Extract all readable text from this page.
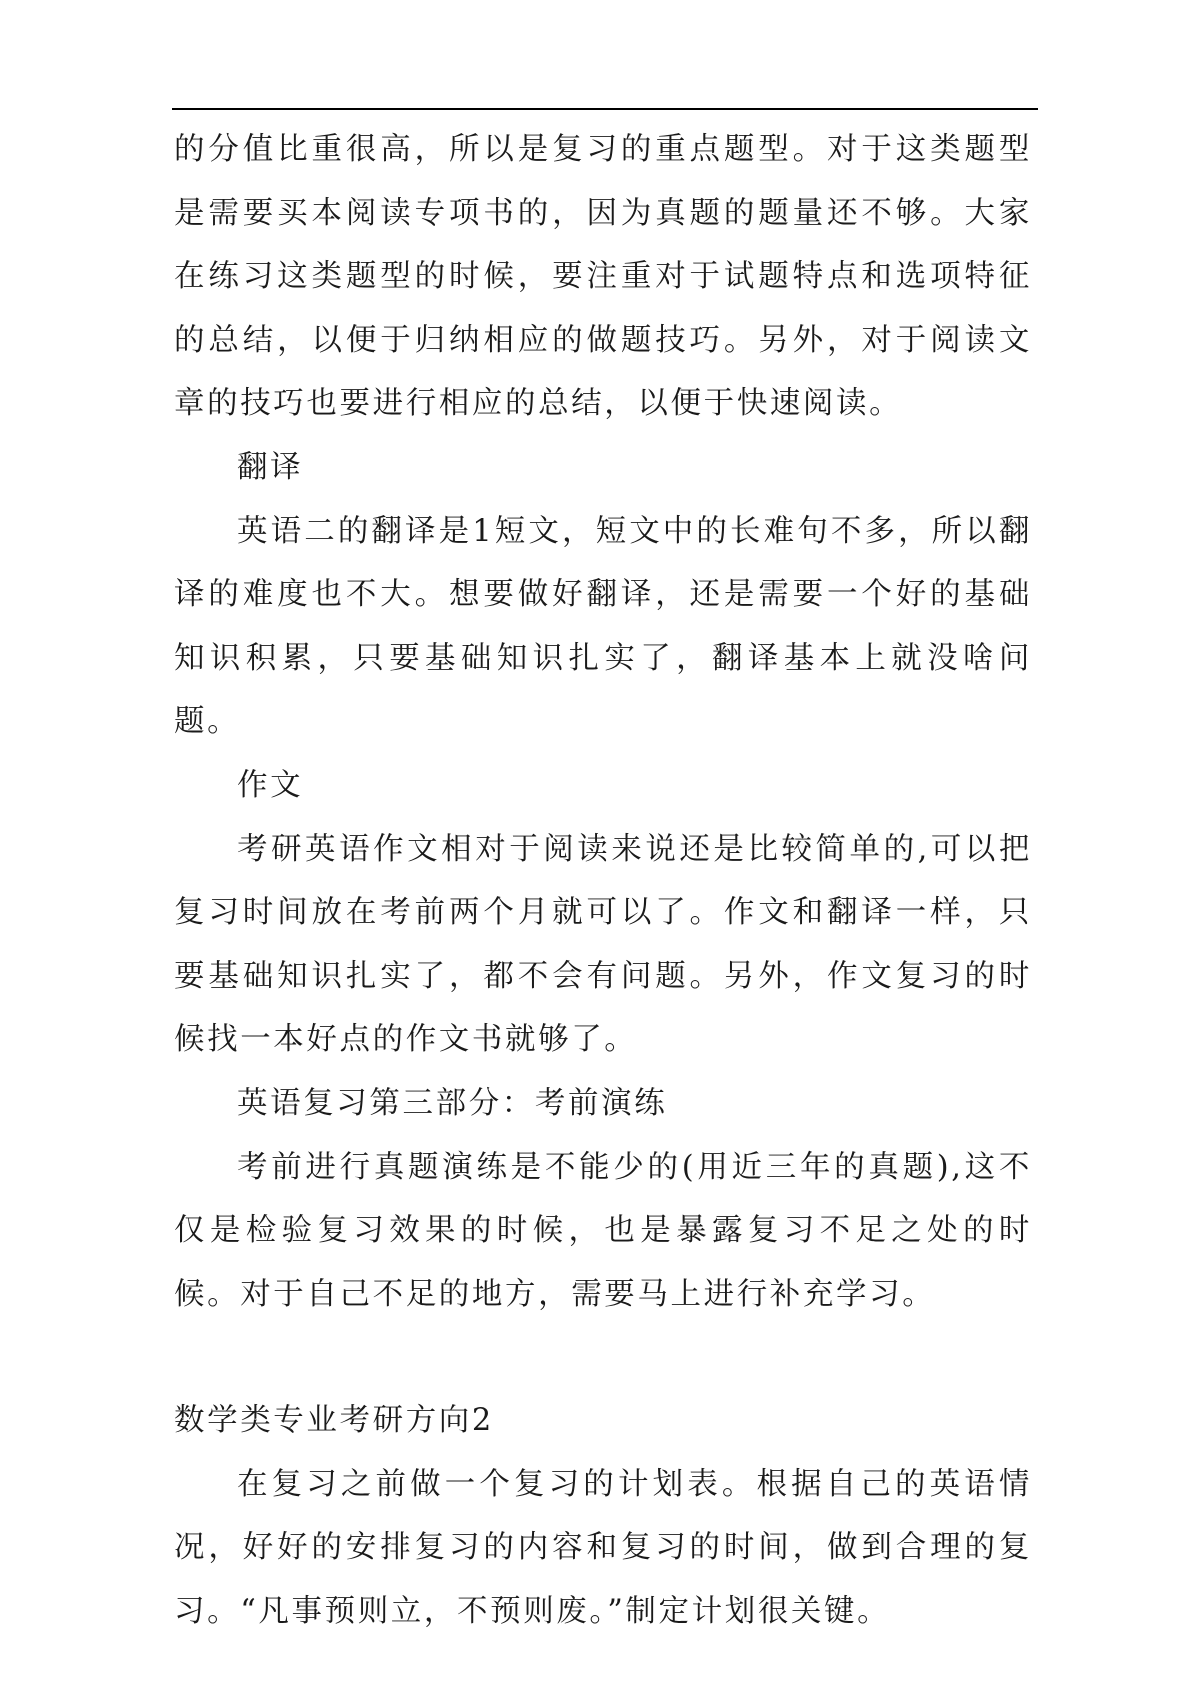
的分值比重很高，所以是复习的重点题型。对于这类题型是需要买本阅读专项书的，因为真题的题量还不够。大家在练习这类题型的时候，要注重对于试题特点和选项特征的总结，以便于归纳相应的做题技巧。另外，对于阅读文章的技巧也要进行相应的总结，以便于快速阅读。

翻译

英语二的翻译是1短文，短文中的长难句不多，所以翻译的难度也不大。想要做好翻译，还是需要一个好的基础知识积累，只要基础知识扎实了，翻译基本上就没啥问题。

作文

考研英语作文相对于阅读来说还是比较简单的,可以把复习时间放在考前两个月就可以了。作文和翻译一样，只要基础知识扎实了，都不会有问题。另外，作文复习的时候找一本好点的作文书就够了。

英语复习第三部分：考前演练

考前进行真题演练是不能少的(用近三年的真题),这不仅是检验复习效果的时候，也是暴露复习不足之处的时候。对于自己不足的地方，需要马上进行补充学习。

数学类专业考研方向2

在复习之前做一个复习的计划表。根据自己的英语情况，好好的安排复习的内容和复习的时间，做到合理的复习。“凡事预则立，不预则废。”制定计划很关键。
